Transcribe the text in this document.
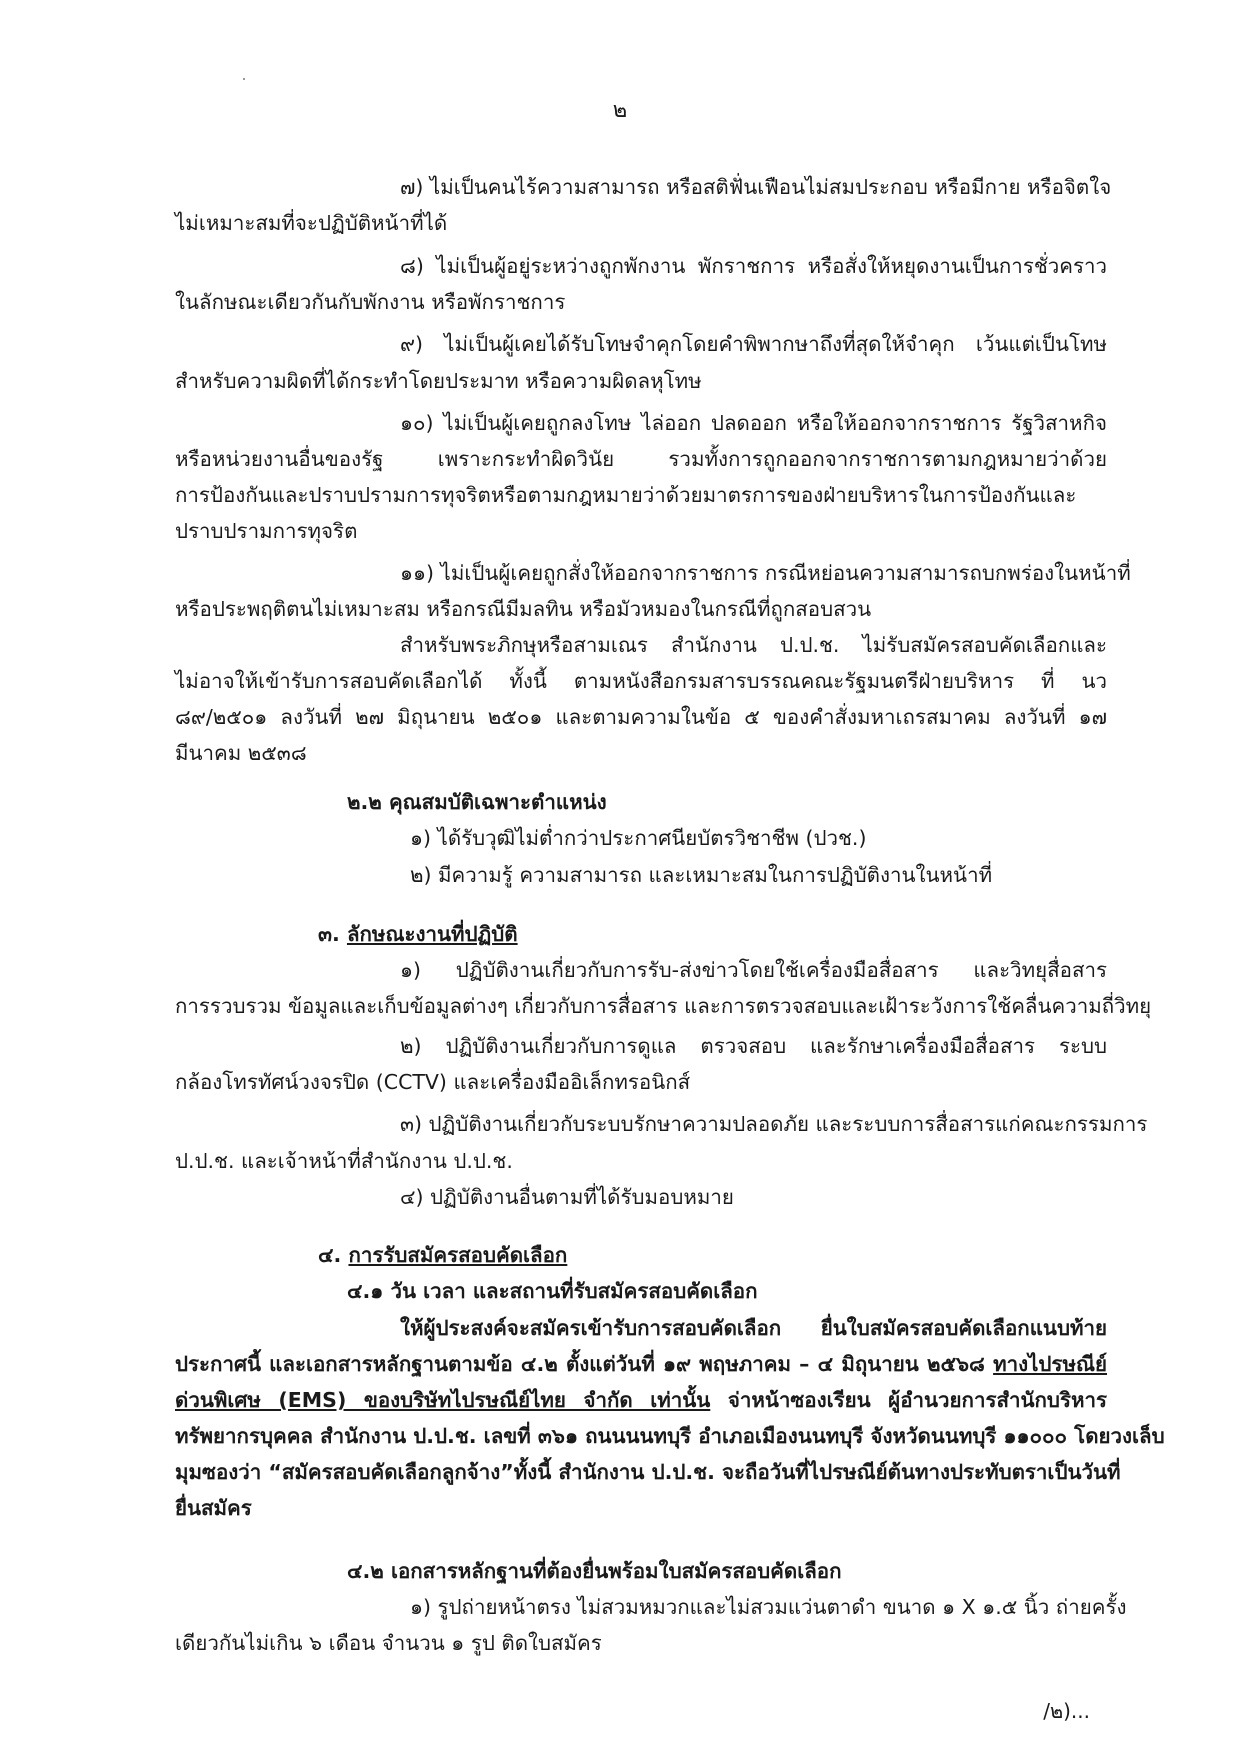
๒
๗) ไม่เป็นคนไร้ความสามารถ หรือสติฟั่นเฟือนไม่สมประกอบ หรือมีกาย หรือจิตใจ
ไม่เหมาะสมที่จะปฏิบัติหน้าที่ได้
๘) ไม่เป็นผู้อยู่ระหว่างถูกพักงาน พักราชการ หรือสั่งให้หยุดงานเป็นการชั่วคราว
ในลักษณะเดียวกันกับพักงาน หรือพักราชการ
๙) ไม่เป็นผู้เคยได้รับโทษจำคุกโดยคำพิพากษาถึงที่สุดให้จำคุก เว้นแต่เป็นโทษ
สำหรับความผิดที่ได้กระทำโดยประมาท หรือความผิดลหุโทษ
๑๐) ไม่เป็นผู้เคยถูกลงโทษ ไล่ออก ปลดออก หรือให้ออกจากราชการ รัฐวิสาหกิจ
หรือหน่วยงานอื่นของรัฐ เพราะกระทำผิดวินัย รวมทั้งการถูกออกจากราชการตามกฎหมายว่าด้วย
การป้องกันและปราบปรามการทุจริตหรือตามกฎหมายว่าด้วยมาตรการของฝ่ายบริหารในการป้องกันและ
ปราบปรามการทุจริต
๑๑) ไม่เป็นผู้เคยถูกสั่งให้ออกจากราชการ กรณีหย่อนความสามารถบกพร่องในหน้าที่
หรือประพฤติตนไม่เหมาะสม หรือกรณีมีมลทิน หรือมัวหมองในกรณีที่ถูกสอบสวน
สำหรับพระภิกษุหรือสามเณร สำนักงาน ป.ป.ช. ไม่รับสมัครสอบคัดเลือกและ
ไม่อาจให้เข้ารับการสอบคัดเลือกได้ ทั้งนี้ ตามหนังสือกรมสารบรรณคณะรัฐมนตรีฝ่ายบริหาร ที่ นว
๘๙/๒๕๐๑ ลงวันที่ ๒๗ มิถุนายน ๒๕๐๑ และตามความในข้อ ๕ ของคำสั่งมหาเถรสมาคม ลงวันที่ ๑๗
มีนาคม ๒๕๓๘
๒.๒ คุณสมบัติเฉพาะตำแหน่ง
๑) ได้รับวุฒิไม่ต่ำกว่าประกาศนียบัตรวิชาชีพ (ปวช.)
๒) มีความรู้ ความสามารถ และเหมาะสมในการปฏิบัติงานในหน้าที่
๓. ลักษณะงานที่ปฏิบัติ
๑) ปฏิบัติงานเกี่ยวกับการรับ-ส่งข่าวโดยใช้เครื่องมือสื่อสาร และวิทยุสื่อสาร
การรวบรวม ข้อมูลและเก็บข้อมูลต่างๆ เกี่ยวกับการสื่อสาร และการตรวจสอบและเฝ้าระวังการใช้คลื่นความถี่วิทยุ
๒) ปฏิบัติงานเกี่ยวกับการดูแล ตรวจสอบ และรักษาเครื่องมือสื่อสาร ระบบ
กล้องโทรทัศน์วงจรปิด (CCTV) และเครื่องมืออิเล็กทรอนิกส์
๓) ปฏิบัติงานเกี่ยวกับระบบรักษาความปลอดภัย และระบบการสื่อสารแก่คณะกรรมการ
ป.ป.ช. และเจ้าหน้าที่สำนักงาน ป.ป.ช.
๔) ปฏิบัติงานอื่นตามที่ได้รับมอบหมาย
๔. การรับสมัครสอบคัดเลือก
๔.๑ วัน เวลา และสถานที่รับสมัครสอบคัดเลือก
ให้ผู้ประสงค์จะสมัครเข้ารับการสอบคัดเลือก ยื่นใบสมัครสอบคัดเลือกแนบท้าย
ประกาศนี้ และเอกสารหลักฐานตามข้อ ๔.๒ ตั้งแต่วันที่ ๑๙ พฤษภาคม – ๔ มิถุนายน ๒๕๖๘ ทางไปรษณีย์
ด่วนพิเศษ (EMS) ของบริษัทไปรษณีย์ไทย จำกัด เท่านั้น จ่าหน้าซองเรียน ผู้อำนวยการสำนักบริหาร
ทรัพยากรบุคคล สำนักงาน ป.ป.ช. เลขที่ ๓๖๑ ถนนนนทบุรี อำเภอเมืองนนทบุรี จังหวัดนนทบุรี ๑๑๐๐๐ โดยวงเล็บ
มุมซองว่า “สมัครสอบคัดเลือกลูกจ้าง”ทั้งนี้ สำนักงาน ป.ป.ช. จะถือวันที่ไปรษณีย์ต้นทางประทับตราเป็นวันที่
ยื่นสมัคร
๔.๒ เอกสารหลักฐานที่ต้องยื่นพร้อมใบสมัครสอบคัดเลือก
๑) รูปถ่ายหน้าตรง ไม่สวมหมวกและไม่สวมแว่นตาดำ ขนาด ๑ X ๑.๕ นิ้ว ถ่ายครั้ง
เดียวกันไม่เกิน ๖ เดือน จำนวน ๑ รูป ติดใบสมัคร
/๒)...
